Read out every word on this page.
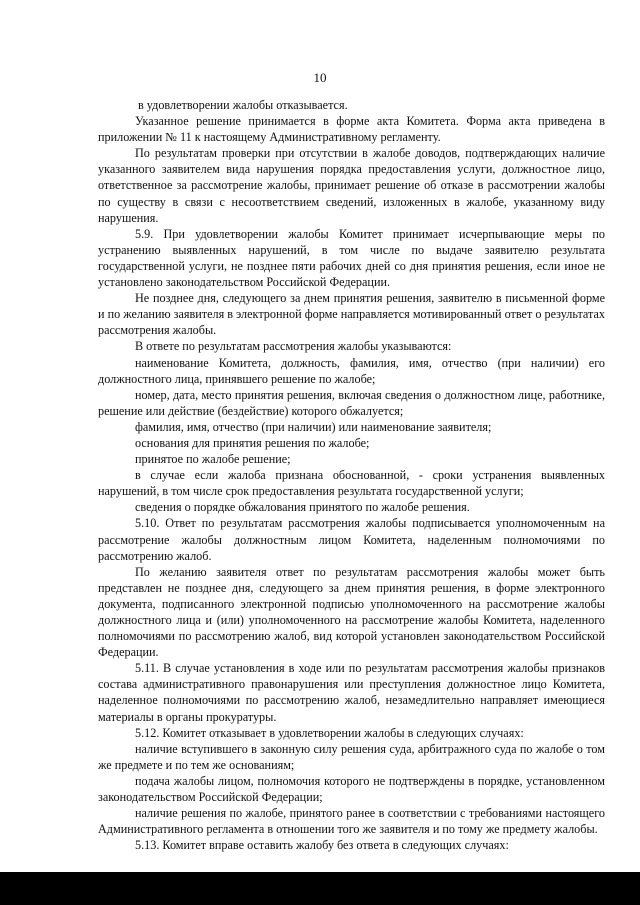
10

в удовлетворении жалобы отказывается.

Указанное решение принимается в форме акта Комитета. Форма акта приведена в приложении № 11 к настоящему Административному регламенту.

По результатам проверки при отсутствии в жалобе доводов, подтверждающих наличие указанного заявителем вида нарушения порядка предоставления услуги, должностное лицо, ответственное за рассмотрение жалобы, принимает решение об отказе в рассмотрении жалобы по существу в связи с несоответствием сведений, изложенных в жалобе, указанному виду нарушения.

5.9. При удовлетворении жалобы Комитет принимает исчерпывающие меры по устранению выявленных нарушений, в том числе по выдаче заявителю результата государственной услуги, не позднее пяти рабочих дней со дня принятия решения, если иное не установлено законодательством Российской Федерации.

Не позднее дня, следующего за днем принятия решения, заявителю в письменной форме и по желанию заявителя в электронной форме направляется мотивированный ответ о результатах рассмотрения жалобы.

В ответе по результатам рассмотрения жалобы указываются:

наименование Комитета, должность, фамилия, имя, отчество (при наличии) его должностного лица, принявшего решение по жалобе;

номер, дата, место принятия решения, включая сведения о должностном лице, работнике, решение или действие (бездействие) которого обжалуется;

фамилия, имя, отчество (при наличии) или наименование заявителя;

основания для принятия решения по жалобе;

принятое по жалобе решение;

в случае если жалоба признана обоснованной, - сроки устранения выявленных нарушений, в том числе срок предоставления результата государственной услуги;

сведения о порядке обжалования принятого по жалобе решения.

5.10. Ответ по результатам рассмотрения жалобы подписывается уполномоченным на рассмотрение жалобы должностным лицом Комитета, наделенным полномочиями по рассмотрению жалоб.

По желанию заявителя ответ по результатам рассмотрения жалобы может быть представлен не позднее дня, следующего за днем принятия решения, в форме электронного документа, подписанного электронной подписью уполномоченного на рассмотрение жалобы должностного лица и (или) уполномоченного на рассмотрение жалобы Комитета, наделенного полномочиями по рассмотрению жалоб, вид которой установлен законодательством Российской Федерации.

5.11. В случае установления в ходе или по результатам рассмотрения жалобы признаков состава административного правонарушения или преступления должностное лицо Комитета, наделенное полномочиями по рассмотрению жалоб, незамедлительно направляет имеющиеся материалы в органы прокуратуры.

5.12. Комитет отказывает в удовлетворении жалобы в следующих случаях:

наличие вступившего в законную силу решения суда, арбитражного суда по жалобе о том же предмете и по тем же основаниям;

подача жалобы лицом, полномочия которого не подтверждены в порядке, установленном законодательством Российской Федерации;

наличие решения по жалобе, принятого ранее в соответствии с требованиями настоящего Административного регламента в отношении того же заявителя и по тому же предмету жалобы.

5.13. Комитет вправе оставить жалобу без ответа в следующих случаях:
